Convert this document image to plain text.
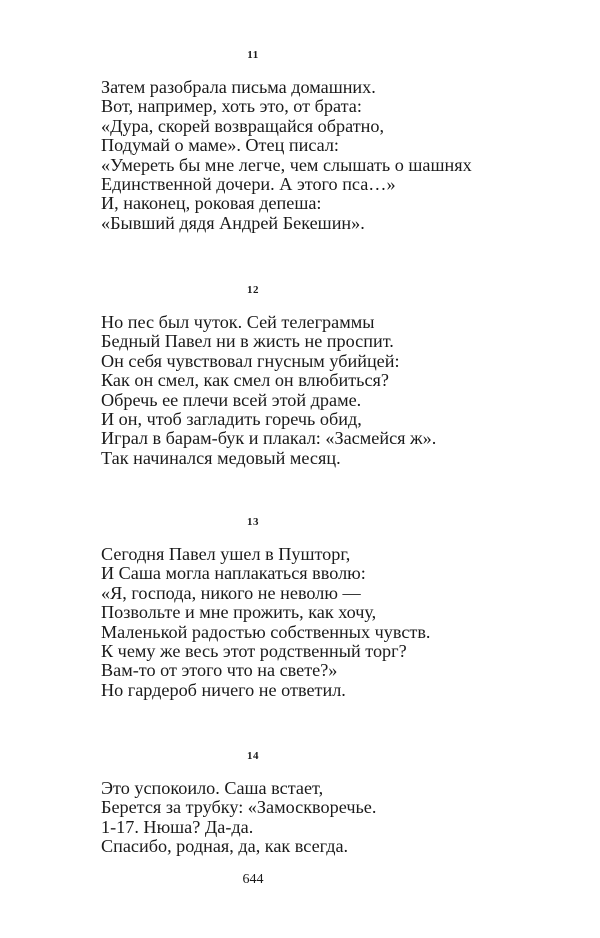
11
Затем разобрала письма домашних.
Вот, например, хоть это, от брата:
«Дура, скорей возвращайся обратно,
Подумай о маме». Отец писал:
«Умереть бы мне легче, чем слышать о шашнях
Единственной дочери. А этого пса…»
И, наконец, роковая депеша:
«Бывший дядя Андрей Бекешин».
12
Но пес был чуток. Сей телеграммы
Бедный Павел ни в жисть не проспит.
Он себя чувствовал гнусным убийцей:
Как он смел, как смел он влюбиться?
Обречь ее плечи всей этой драме.
И он, чтоб загладить горечь обид,
Играл в барам-бук и плакал: «Засмейся ж».
Так начинался медовый месяц.
13
Сегодня Павел ушел в Пушторг,
И Саша могла наплакаться вволю:
«Я, господа, никого не неволю —
Позвольте и мне прожить, как хочу,
Маленькой радостью собственных чувств.
К чему же весь этот родственный торг?
Вам-то от этого что на свете?»
Но гардероб ничего не ответил.
14
Это успокоило. Саша встает,
Берется за трубку: «Замоскворечье.
1-17. Нюша? Да-да.
Спасибо, родная, да, как всегда.
644
